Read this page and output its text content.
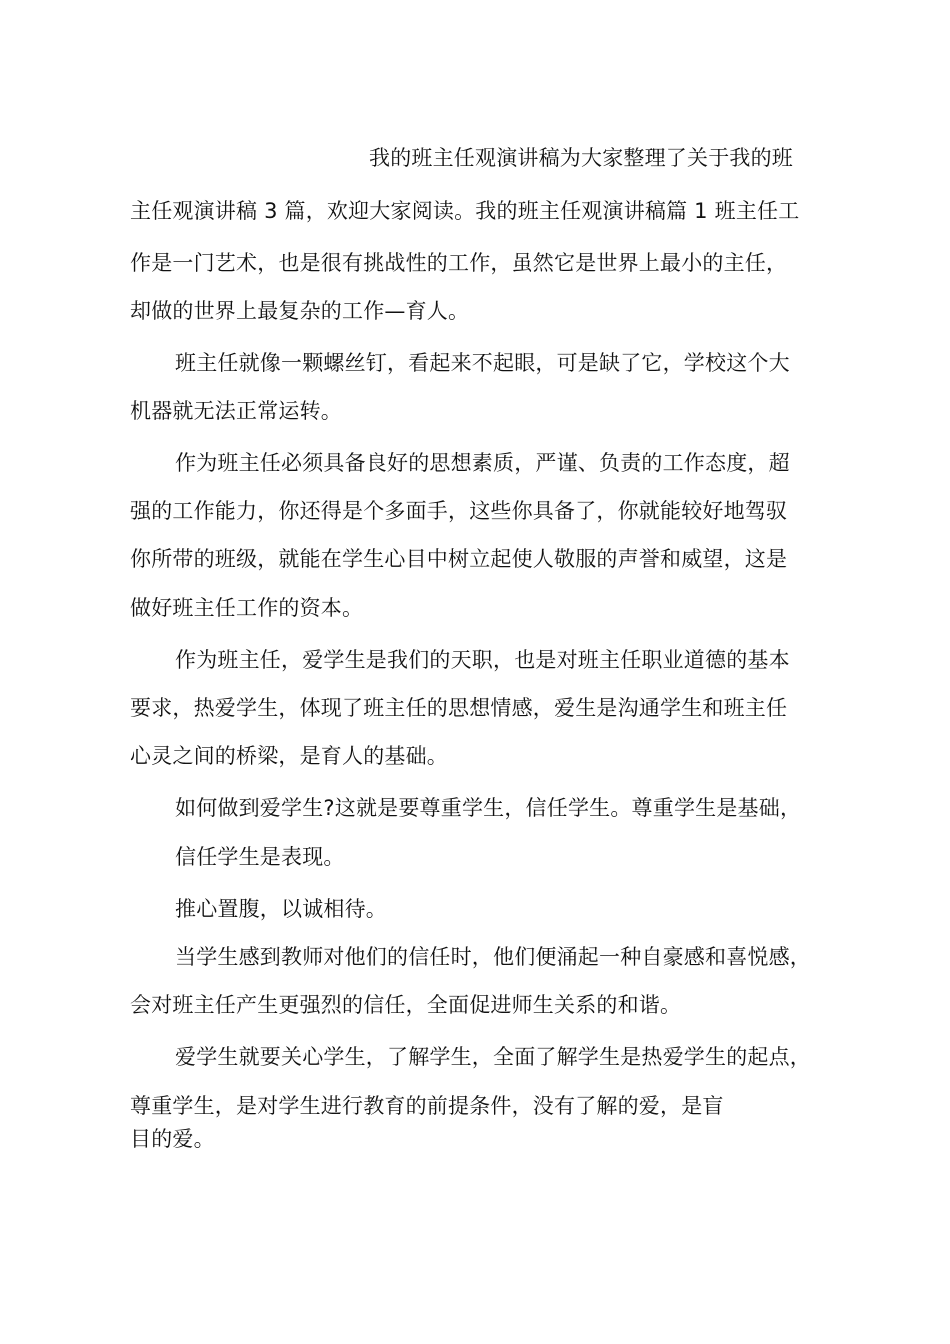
我的班主任观演讲稿为大家整理了关于我的班
主任观演讲稿 3 篇，欢迎大家阅读。我的班主任观演讲稿篇 1 班主任工
作是一门艺术，也是很有挑战性的工作，虽然它是世界上最小的主任，
却做的世界上最复杂的工作—育人。
班主任就像一颗螺丝钉，看起来不起眼，可是缺了它，学校这个大
机器就无法正常运转。
作为班主任必须具备良好的思想素质，严谨、负责的工作态度，超
强的工作能力，你还得是个多面手，这些你具备了，你就能较好地驾驭
你所带的班级，就能在学生心目中树立起使人敬服的声誉和威望，这是
做好班主任工作的资本。
作为班主任，爱学生是我们的天职，也是对班主任职业道德的基本
要求，热爱学生，体现了班主任的思想情感，爱生是沟通学生和班主任
心灵之间的桥梁，是育人的基础。
如何做到爱学生?这就是要尊重学生，信任学生。尊重学生是基础，
信任学生是表现。
推心置腹，以诚相待。
当学生感到教师对他们的信任时，他们便涌起一种自豪感和喜悦感，
会对班主任产生更强烈的信任，全面促进师生关系的和谐。
爱学生就要关心学生，了解学生，全面了解学生是热爱学生的起点，
尊重学生，是对学生进行教育的前提条件，没有了解的爱，是盲
目的爱。
